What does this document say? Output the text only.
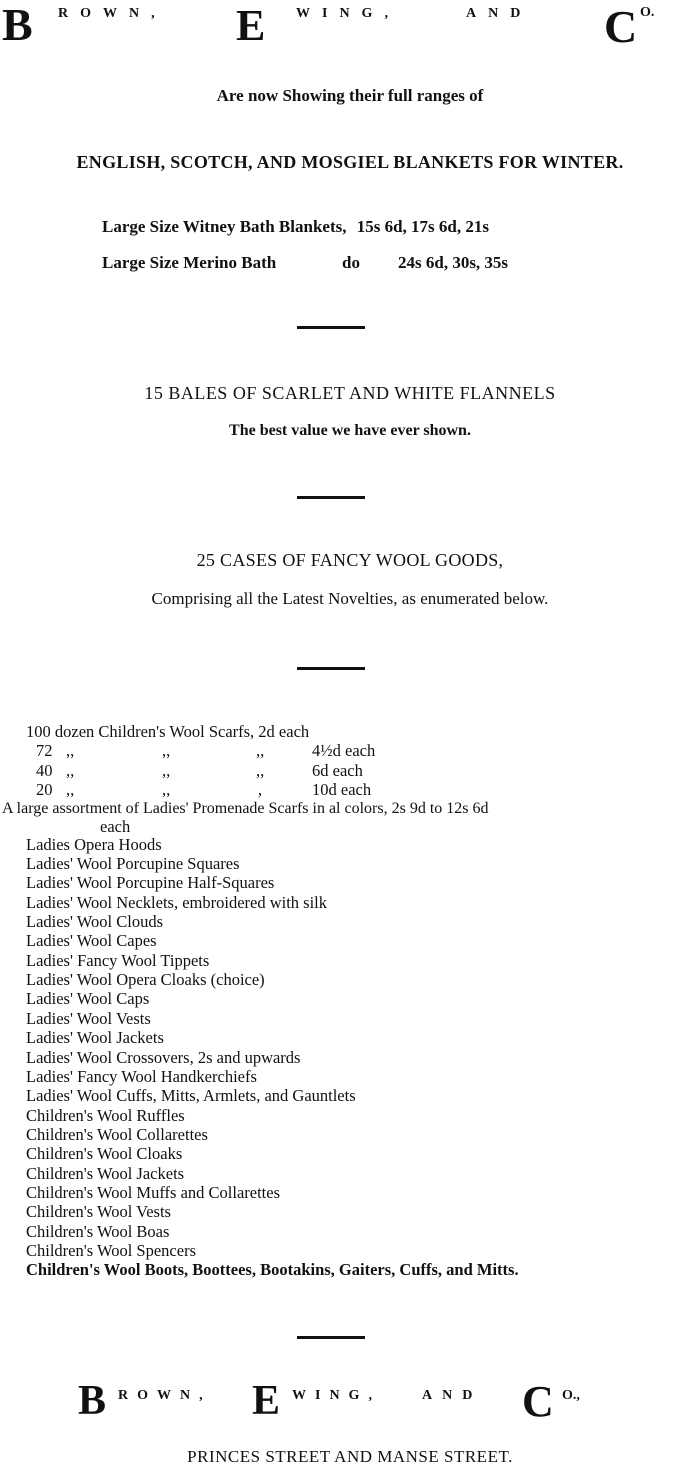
B ROWN, E WING,	AND C O.
Are now Showing their full ranges of
ENGLISH, SCOTCH, AND MOSGIEL BLANKETS FOR WINTER.
Large Size Witney Bath Blankets, 15s 6d, 17s 6d, 21s
Large Size Merino Bath	do 24s 6d, 30s, 35s
15 BALES OF SCARLET AND WHITE FLANNELS
The best value we have ever shown.
25 CASES OF FANCY WOOL GOODS,
Comprising all the Latest Novelties, as enumerated below.
100 dozen Children's Wool Scarfs, 2d each
72 ,,	,,	,,	4½d each
40 ,,	,,	,,	6d each
20 ,,	,,	,	10d each
A large assortment of Ladies' Promenade Scarfs in al colors, 2s 9d to 12s 6d
each
Ladies Opera Hoods
Ladies' Wool Porcupine Squares
Ladies' Wool Porcupine Half-Squares
Ladies' Wool Necklets, embroidered with silk
Ladies' Wool Clouds
Ladies' Wool Capes
Ladies' Fancy Wool Tippets
Ladies' Wool Opera Cloaks (choice)
Ladies' Wool Caps
Ladies' Wool Vests
Ladies' Wool Jackets
Ladies' Wool Crossovers, 2s and upwards
Ladies' Fancy Wool Handkerchiefs
Ladies' Wool Cuffs, Mitts, Armlets, and Gauntlets
Children's Wool Ruffles
Children's Wool Collarettes
Children's Wool Cloaks
Children's Wool Jackets
Children's Wool Muffs and Collarettes
Children's Wool Vests
Children's Wool Boas
Children's Wool Spencers
Children's Wool Boots, Boottees, Bootakins, Gaiters, Cuffs, and Mitts.
B ROWN, E WING,	AND C O.,
PRINCES STREET AND MANSE STREET.
